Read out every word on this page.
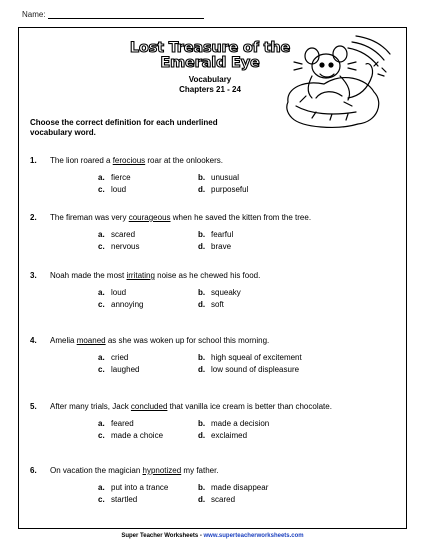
Name:
Lost Treasure of the
Emerald Eye
Vocabulary
Chapters 21 - 24
Choose the correct definition for each underlined vocabulary word.
1. The lion roared a ferocious roar at the onlookers.
a. fierce	b. unusual
c. loud	d. purposeful
2. The fireman was very courageous when he saved the kitten from the tree.
a. scared	b. fearful
c. nervous	d. brave
3. Noah made the most irritating noise as he chewed his food.
a. loud	b. squeaky
c. annoying	d. soft
4. Amelia moaned as she was woken up for school this morning.
a. cried	b. high squeal of excitement
c. laughed	d. low sound of displeasure
5. After many trials, Jack concluded that vanilla ice cream is better than chocolate.
a. feared	b. made a decision
c. made a choice	d. exclaimed
6. On vacation the magician hypnotized my father.
a. put into a trance	b. made disappear
c. startled	d. scared
Super Teacher Worksheets - www.superteacherworksheets.com
